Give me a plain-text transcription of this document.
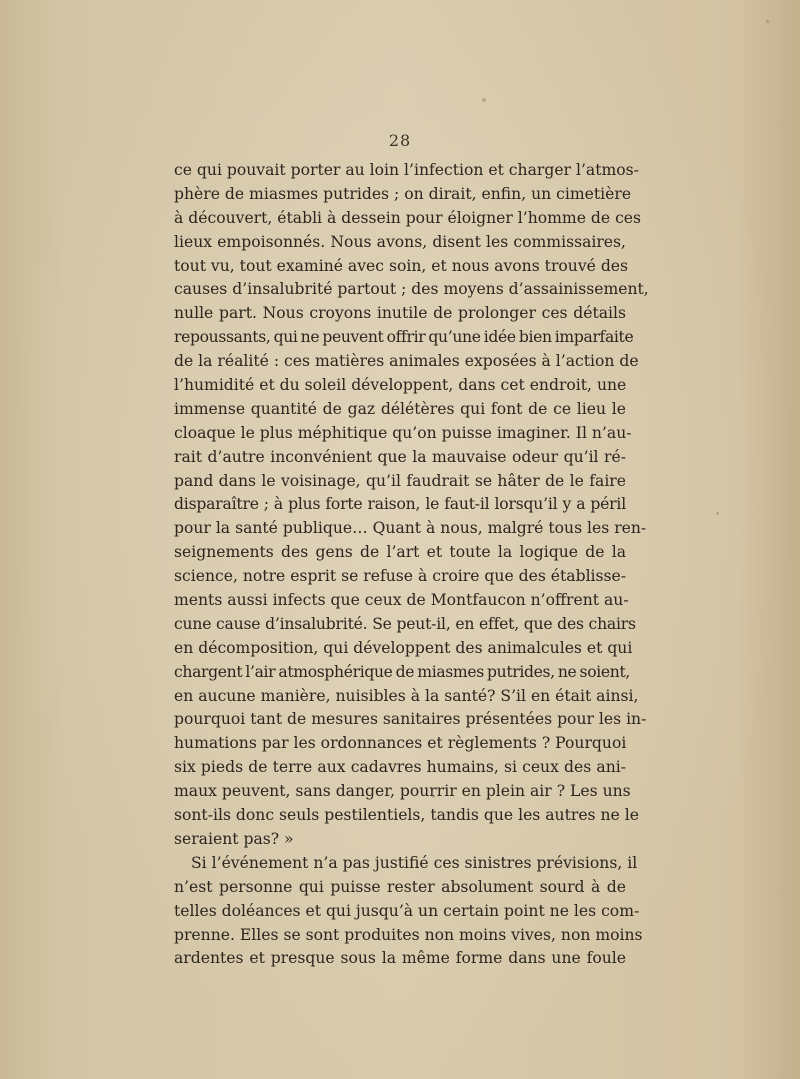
28
ce qui pouvait porter au loin l’infection et charger l’atmos-
phère de miasmes putrides ; on dirait, enfin, un cimetière
à découvert, établi à dessein pour éloigner l’homme de ces
lieux empoisonnés. Nous avons, disent les commissaires,
tout vu, tout examiné avec soin, et nous avons trouvé des
causes d’insalubrité partout ; des moyens d’assainissement,
nulle part. Nous croyons inutile de prolonger ces détails
repoussants, qui ne peuvent offrir qu’une idée bien imparfaite
de la réalité : ces matières animales exposées à l’action de
l’humidité et du soleil développent, dans cet endroit, une
immense quantité de gaz délétères qui font de ce lieu le
cloaque le plus méphitique qu’on puisse imaginer. Il n’au-
rait d’autre inconvénient que la mauvaise odeur qu’il ré-
pand dans le voisinage, qu’il faudrait se hâter de le faire
disparaître ; à plus forte raison, le faut-il lorsqu’il y a péril
pour la santé publique… Quant à nous, malgré tous les ren-
seignements des gens de l’art et toute la logique de la
science, notre esprit se refuse à croire que des établisse-
ments aussi infects que ceux de Montfaucon n’offrent au-
cune cause d’insalubrité. Se peut-il, en effet, que des chairs
en décomposition, qui développent des animalcules et qui
chargent l’air atmosphérique de miasmes putrides, ne soient,
en aucune manière, nuisibles à la santé? S’il en était ainsi,
pourquoi tant de mesures sanitaires présentées pour les in-
humations par les ordonnances et règlements ? Pourquoi
six pieds de terre aux cadavres humains, si ceux des ani-
maux peuvent, sans danger, pourrir en plein air ? Les uns
sont-ils donc seuls pestilentiels, tandis que les autres ne le
seraient pas? »
Si l’événement n’a pas justifié ces sinistres prévisions, il
n’est personne qui puisse rester absolument sourd à de
telles doléances et qui jusqu’à un certain point ne les com-
prenne. Elles se sont produites non moins vives, non moins
ardentes et presque sous la même forme dans une foule
